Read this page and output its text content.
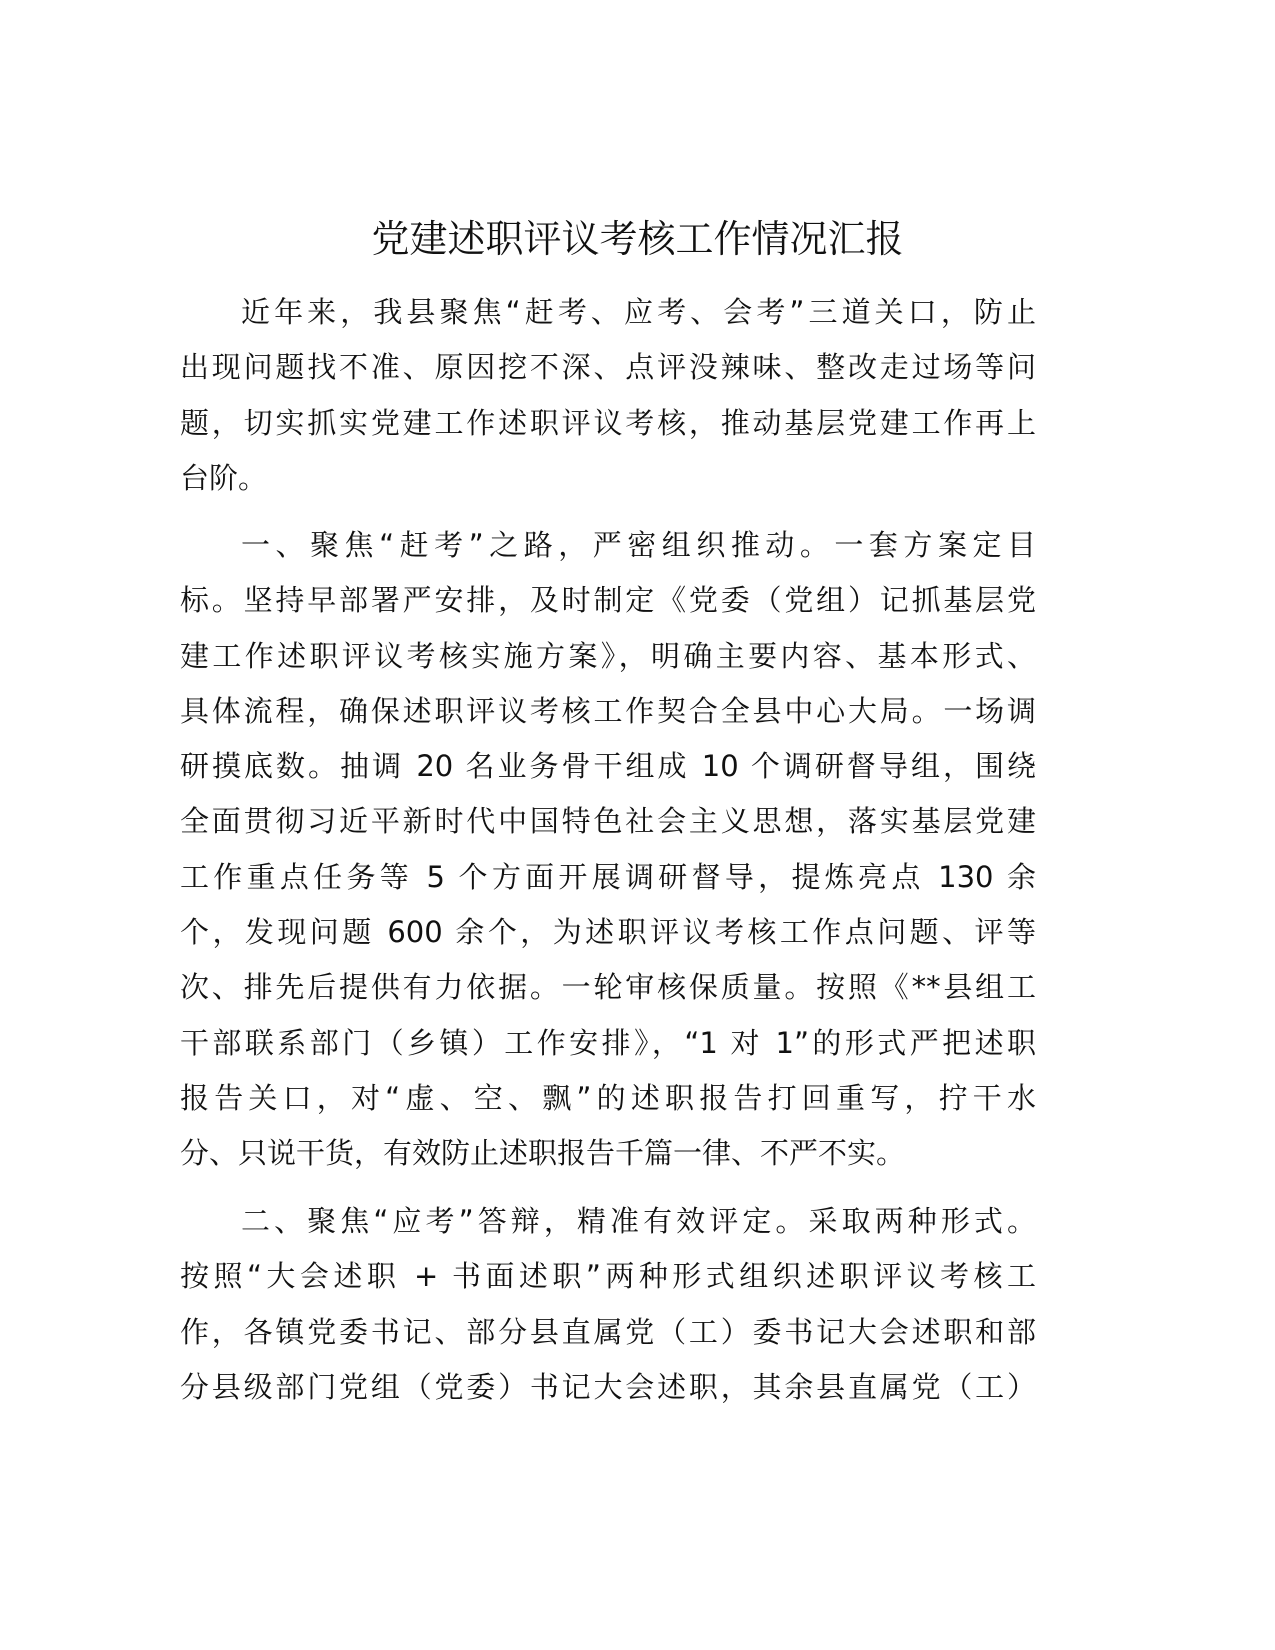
党建述职评议考核工作情况汇报
近年来，我县聚焦“赶考、应考、会考”三道关口，防止
出现问题找不准、原因挖不深、点评没辣味、整改走过场等问
题，切实抓实党建工作述职评议考核，推动基层党建工作再上
台阶。
一、聚焦“赶考”之路，严密组织推动。一套方案定目
标。坚持早部署严安排，及时制定《党委（党组）记抓基层党
建工作述职评议考核实施方案》，明确主要内容、基本形式、
具体流程，确保述职评议考核工作契合全县中心大局。一场调
研摸底数。抽调 20 名业务骨干组成 10 个调研督导组，围绕
全面贯彻习近平新时代中国特色社会主义思想，落实基层党建
工作重点任务等 5 个方面开展调研督导，提炼亮点 130 余
个，发现问题 600 余个，为述职评议考核工作点问题、评等
次、排先后提供有力依据。一轮审核保质量。按照《**县组工
干部联系部门（乡镇）工作安排》，“1 对 1”的形式严把述职
报告关口，对“虚、空、飘”的述职报告打回重写，拧干水
分、只说干货，有效防止述职报告千篇一律、不严不实。
二、聚焦“应考”答辩，精准有效评定。采取两种形式。
按照“大会述职 + 书面述职”两种形式组织述职评议考核工
作，各镇党委书记、部分县直属党（工）委书记大会述职和部
分县级部门党组（党委）书记大会述职，其余县直属党（工）
